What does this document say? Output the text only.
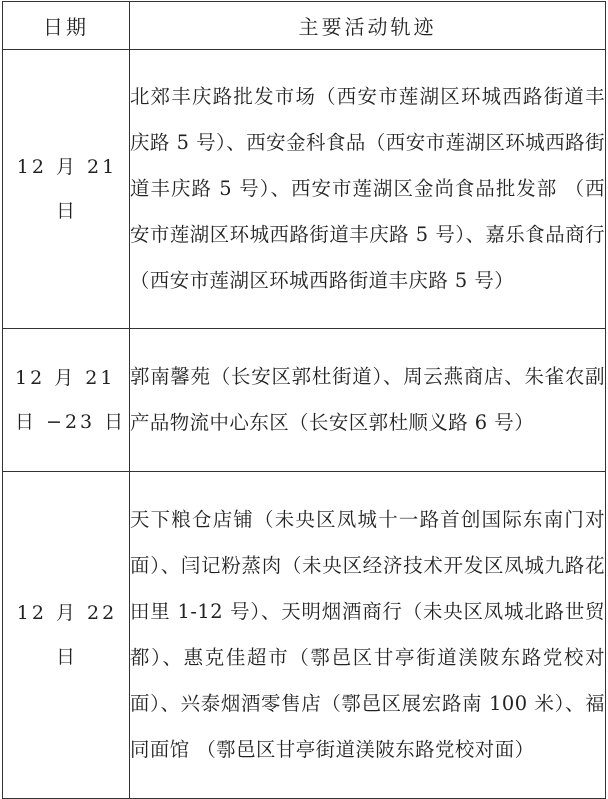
日期	主要活动轨迹

12 月 21 日	北郊丰庆路批发市场（西安市莲湖区环城西路街道丰庆路 5 号）、西安金科食品（西安市莲湖区环城西路街道丰庆路 5 号）、西安市莲湖区金尚食品批发部 （西安市莲湖区环城西路街道丰庆路 5 号）、嘉乐食品商行（西安市莲湖区环城西路街道丰庆路 5 号）

12 月 21 日 −23 日	郭南馨苑（长安区郭杜街道）、周云燕商店、朱雀农副产品物流中心东区（长安区郭杜顺义路 6 号）

12 月 22 日	天下粮仓店铺（未央区凤城十一路首创国际东南门对面）、闫记粉蒸肉（未央区经济技术开发区凤城九路花田里 1-12 号）、天明烟酒商行（未央区凤城北路世贸都）、惠克佳超市（鄠邑区甘亭街道渼陂东路党校对面）、兴泰烟酒零售店（鄠邑区展宏路南 100 米）、福同面馆 （鄠邑区甘亭街道渼陂东路党校对面）
